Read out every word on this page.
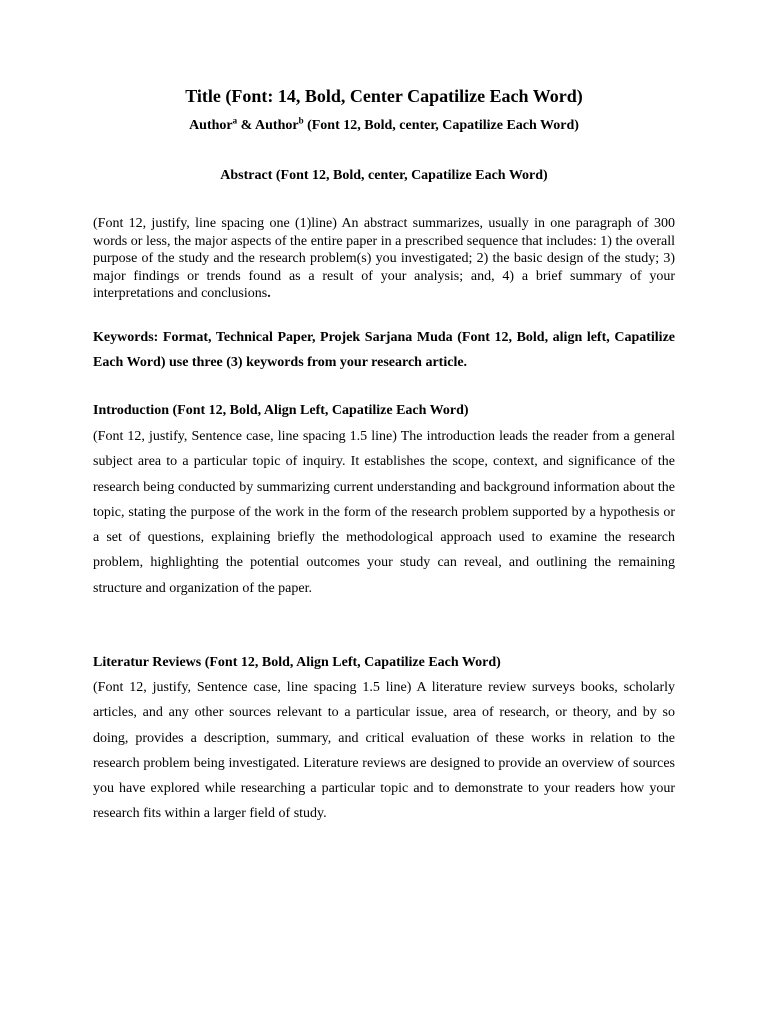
Title (Font: 14, Bold, Center Capatilize Each Word)
Author$^a$ & Author$^b$ (Font 12, Bold, center, Capatilize Each Word)
Abstract (Font 12, Bold, center, Capatilize Each Word)
(Font 12, justify, line spacing one (1)line) An abstract summarizes, usually in one paragraph of 300 words or less, the major aspects of the entire paper in a prescribed sequence that includes: 1) the overall purpose of the study and the research problem(s) you investigated; 2) the basic design of the study; 3) major findings or trends found as a result of your analysis; and, 4) a brief summary of your interpretations and conclusions.
Keywords: Format, Technical Paper, Projek Sarjana Muda (Font 12, Bold, align left, Capatilize Each Word) use three (3) keywords from your research article.
Introduction (Font 12, Bold, Align Left, Capatilize Each Word)
(Font 12, justify, Sentence case, line spacing 1.5 line) The introduction leads the reader from a general subject area to a particular topic of inquiry. It establishes the scope, context, and significance of the research being conducted by summarizing current understanding and background information about the topic, stating the purpose of the work in the form of the research problem supported by a hypothesis or a set of questions, explaining briefly the methodological approach used to examine the research problem, highlighting the potential outcomes your study can reveal, and outlining the remaining structure and organization of the paper.
Literatur Reviews (Font 12, Bold, Align Left, Capatilize Each Word)
(Font 12, justify, Sentence case, line spacing 1.5 line) A literature review surveys books, scholarly articles, and any other sources relevant to a particular issue, area of research, or theory, and by so doing, provides a description, summary, and critical evaluation of these works in relation to the research problem being investigated. Literature reviews are designed to provide an overview of sources you have explored while researching a particular topic and to demonstrate to your readers how your research fits within a larger field of study.
